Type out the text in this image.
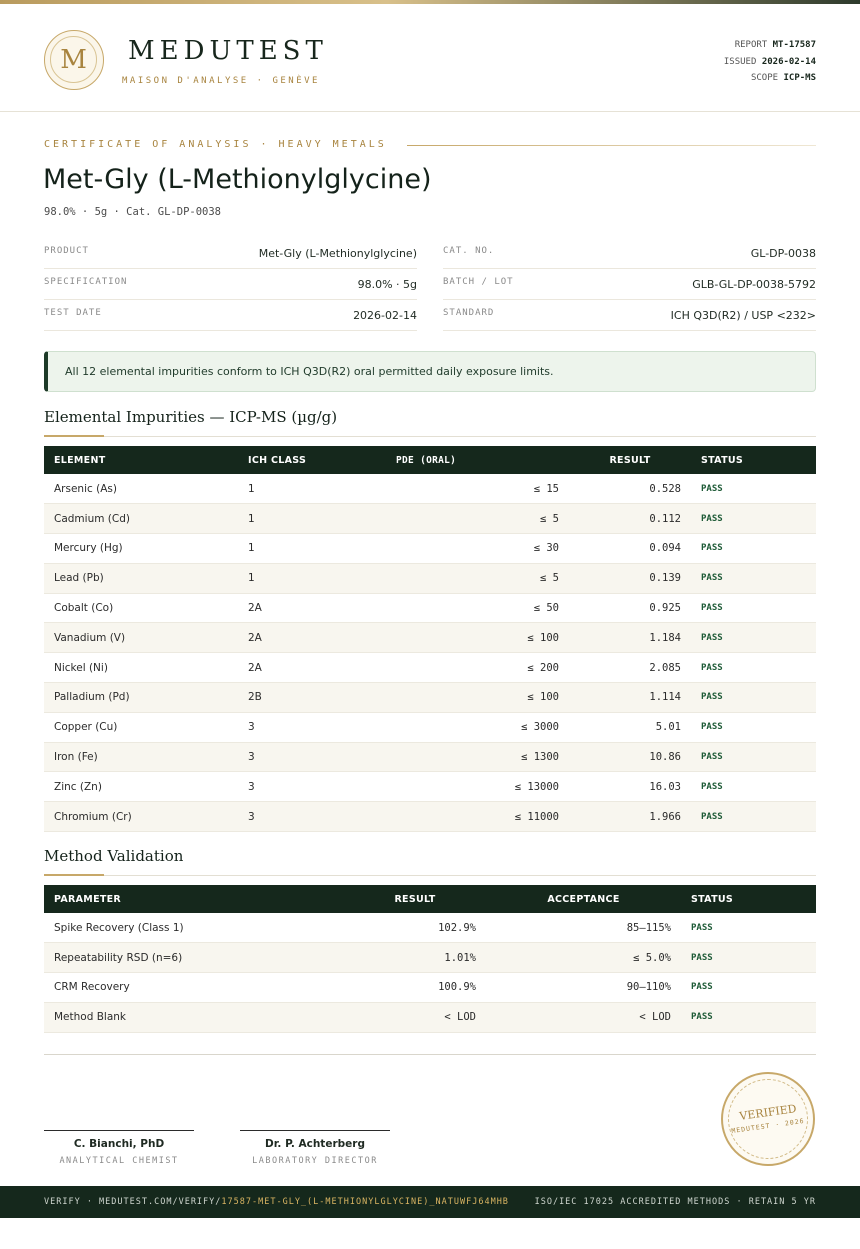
M	MEDUTEST
MAISON D'ANALYSE · GENÈVE
REPORT MT-17587
ISSUED 2026-02-14
SCOPE ICP-MS
CERTIFICATE OF ANALYSIS · HEAVY METALS
Met-Gly (L-Methionylglycine)
98.0% · 5g · Cat. GL-DP-0038
PRODUCT	Met-Gly (L-Methionylglycine)
SPECIFICATION	98.0% · 5g
TEST DATE	2026-02-14
CAT. NO.	GL-DP-0038
BATCH / LOT	GLB-GL-DP-0038-5792
STANDARD	ICH Q3D(R2) / USP <232>
All 12 elemental impurities conform to ICH Q3D(R2) oral permitted daily exposure limits.
Elemental Impurities — ICP-MS (µg/g)
ELEMENT	ICH CLASS	PDE (ORAL)	RESULT	STATUS
Arsenic (As)	1	≤ 15	0.528	PASS
Cadmium (Cd)	1	≤ 5	0.112	PASS
Mercury (Hg)	1	≤ 30	0.094	PASS
Lead (Pb)	1	≤ 5	0.139	PASS
Cobalt (Co)	2A	≤ 50	0.925	PASS
Vanadium (V)	2A	≤ 100	1.184	PASS
Nickel (Ni)	2A	≤ 200	2.085	PASS
Palladium (Pd)	2B	≤ 100	1.114	PASS
Copper (Cu)	3	≤ 3000	5.01	PASS
Iron (Fe)	3	≤ 1300	10.86	PASS
Zinc (Zn)	3	≤ 13000	16.03	PASS
Chromium (Cr)	3	≤ 11000	1.966	PASS
Method Validation
PARAMETER	RESULT	ACCEPTANCE	STATUS
Spike Recovery (Class 1)	102.9%	85–115%	PASS
Repeatability RSD (n=6)	1.01%	≤ 5.0%	PASS
CRM Recovery	100.9%	90–110%	PASS
Method Blank	< LOD	< LOD	PASS
C. Bianchi, PhD
ANALYTICAL CHEMIST
Dr. P. Achterberg
LABORATORY DIRECTOR
VERIFIED
MEDUTEST · 2026
VERIFY · MEDUTEST.COM/VERIFY/17587-MET-GLY_(L-METHIONYLGLYCINE)_NATUWFJ64MHB	ISO/IEC 17025 ACCREDITED METHODS · RETAIN 5 YR
